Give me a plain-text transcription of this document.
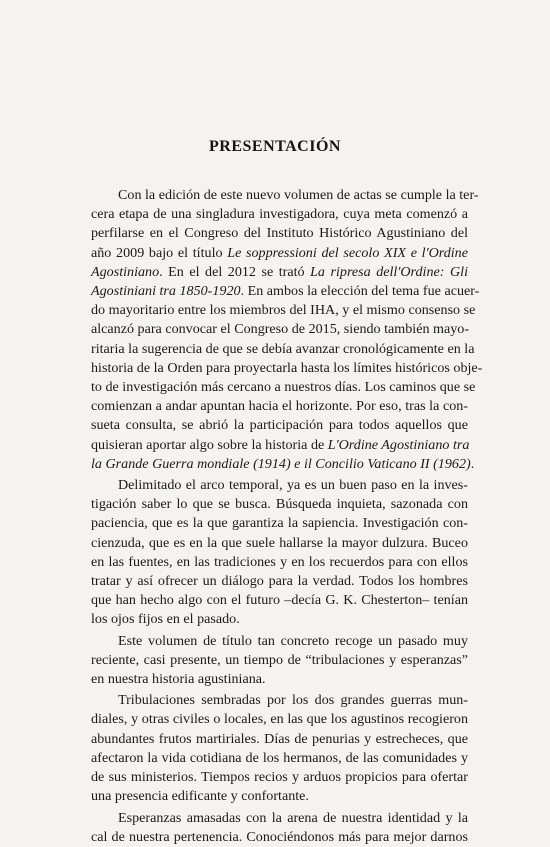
PRESENTACIÓN

Con la edición de este nuevo volumen de actas se cumple la ter-
cera etapa de una singladura investigadora, cuya meta comenzó a
perfilarse en el Congreso del Instituto Histórico Agustiniano del
año 2009 bajo el título Le soppressioni del secolo XIX e l'Ordine
Agostiniano. En el del 2012 se trató La ripresa dell'Ordine: Gli
Agostiniani tra 1850-1920. En ambos la elección del tema fue acuer-
do mayoritario entre los miembros del IHA, y el mismo consenso se
alcanzó para convocar el Congreso de 2015, siendo también mayo-
ritaria la sugerencia de que se debía avanzar cronológicamente en la
historia de la Orden para proyectarla hasta los límites históricos obje-
to de investigación más cercano a nuestros días. Los caminos que se
comienzan a andar apuntan hacia el horizonte. Por eso, tras la con-
sueta consulta, se abrió la participación para todos aquellos que
quisieran aportar algo sobre la historia de L'Ordine Agostiniano tra
la Grande Guerra mondiale (1914) e il Concilio Vaticano II (1962).

Delimitado el arco temporal, ya es un buen paso en la inves-
tigación saber lo que se busca. Búsqueda inquieta, sazonada con
paciencia, que es la que garantiza la sapiencia. Investigación con-
cienzuda, que es en la que suele hallarse la mayor dulzura. Buceo
en las fuentes, en las tradiciones y en los recuerdos para con ellos
tratar y así ofrecer un diálogo para la verdad. Todos los hombres
que han hecho algo con el futuro –decía G. K. Chesterton– tenían
los ojos fijos en el pasado.

Este volumen de título tan concreto recoge un pasado muy
reciente, casi presente, un tiempo de “tribulaciones y esperanzas”
en nuestra historia agustiniana.

Tribulaciones sembradas por los dos grandes guerras mun-
diales, y otras civiles o locales, en las que los agustinos recogieron
abundantes frutos martiriales. Días de penurias y estrecheces, que
afectaron la vida cotidiana de los hermanos, de las comunidades y
de sus ministerios. Tiempos recios y arduos propicios para ofertar
una presencia edificante y confortante.

Esperanzas amasadas con la arena de nuestra identidad y la
cal de nuestra pertenencia. Conociéndonos más para mejor darnos
